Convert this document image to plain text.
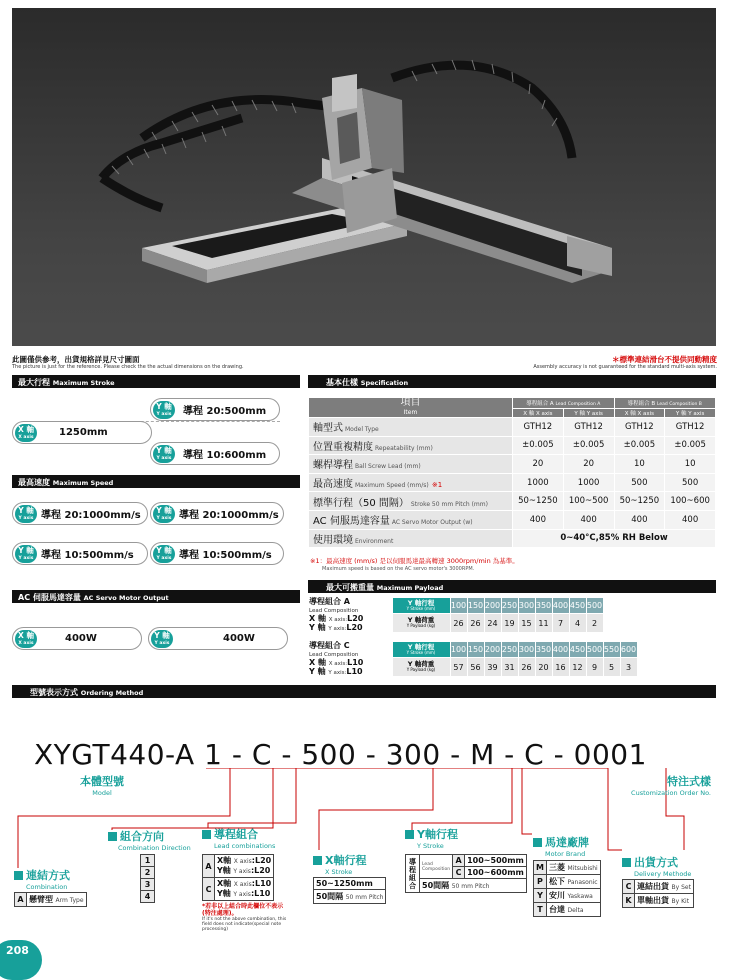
此圖僅供參考，出貨規格詳見尺寸圖面
The picture is just for the reference. Please check the the actual dimensions on the drawing.
＊標準連結滑台不提供同動精度
Assembly accuracy is not guaranteed for the standard multi-axis system.
最大行程 Maximum Stroke
Y 軸
Y axis	導程 20:500mm
X 軸
X axis	1250mm
Y 軸
Y axis	導程 10:600mm
最高速度 Maximum Speed
Y 軸
Y axis 導程 20:1000mm/s	Y 軸
Y axis 導程 20:1000mm/s
Y 軸
Y axis 導程 10:500mm/s	Y 軸
Y axis 導程 10:500mm/s
AC 伺服馬達容量 AC Servo Motor Output
X 軸
X axis	400W	Y 軸
Y axis	400W
基本仕樣 Specification
項目
Item	導程組合 A Lead Composition A		導程組合 B Lead Composition B	
	X 軸 X axis	Y 軸 Y axis	X 軸 X axis	Y 軸 Y axis
軸型式 Model Type	GTH12	GTH12	GTH12	GTH12
位置重複精度 Repeatability (mm)	±0.005	±0.005	±0.005	±0.005
螺桿導程 Ball Screw Lead (mm)	20	20	10	10
最高速度 Maximum Speed (mm/s) ※1	1000	1000	500	500
標準行程（50 間隔） Stroke 50 mm Pitch (mm)	50~1250	100~500	50~1250	100~600
AC 伺服馬達容量 AC Servo Motor Output (w)	400	400	400	400
使用環境 Environment	0~40°C,85% RH Below			
※1：最高速度 (mm/s) 是以伺服馬達最高轉速 3000rpm/min 為基準。
Maximum speed is based on the AC servo motor's 3000RPM.
最大可搬重量 Maximum Payload
導程組合 A
Lead Composition
X 軸 X axis:L20
Y 軸 Y axis:L20	Y 軸行程
Y Stroke (mm)	100	150	200	250	300	350	400	450	500
	Y 軸荷重
Y Payload (kg)	26	26	24	19	15	11	7	4	2
導程組合 C
Lead Composition
X 軸 X axis:L10
Y 軸 Y axis:L10	Y 軸行程
Y Stroke (mm)	100	150	200	250	300	350	400	450	500	550	600
	Y 軸荷重
Y Payload (kg)	57	56	39	31	26	20	16	12	9	5	3
型號表示方式 Ordering Method
XYGT440-A 1 - C - 500 - 300 - M - C - 0001
本體型號
Model
特注式樣
Customization Order No.
連結方式
Combination
A	懸臂型 Arm Type
組合方向
Combination Direction
1
2
3
4
導程組合
Lead combinations
A	X軸 X axis:L20
Y軸 Y axis:L20
C	X軸 X axis:L10
Y軸 Y axis:L10
*若非以上組合時此欄位不表示(特注處理)。
If it's not the above combination, this field does not indicate(special note processing)
X軸行程
X Stroke
50~1250mm
50間隔 50 mm Pitch
Y軸行程
Y Stroke
導程組合	Lead Composition	A	100~500mm
		C	100~600mm
	50間隔 50 mm Pitch		
馬達廠牌
Motor Brand
M	三菱 Mitsubishi
P	松下 Panasonic
Y	安川 Yaskawa
T	台達 Delta
出貨方式
Delivery Methode
C	連結出貨 By Set
K	單軸出貨 By Kit
208
